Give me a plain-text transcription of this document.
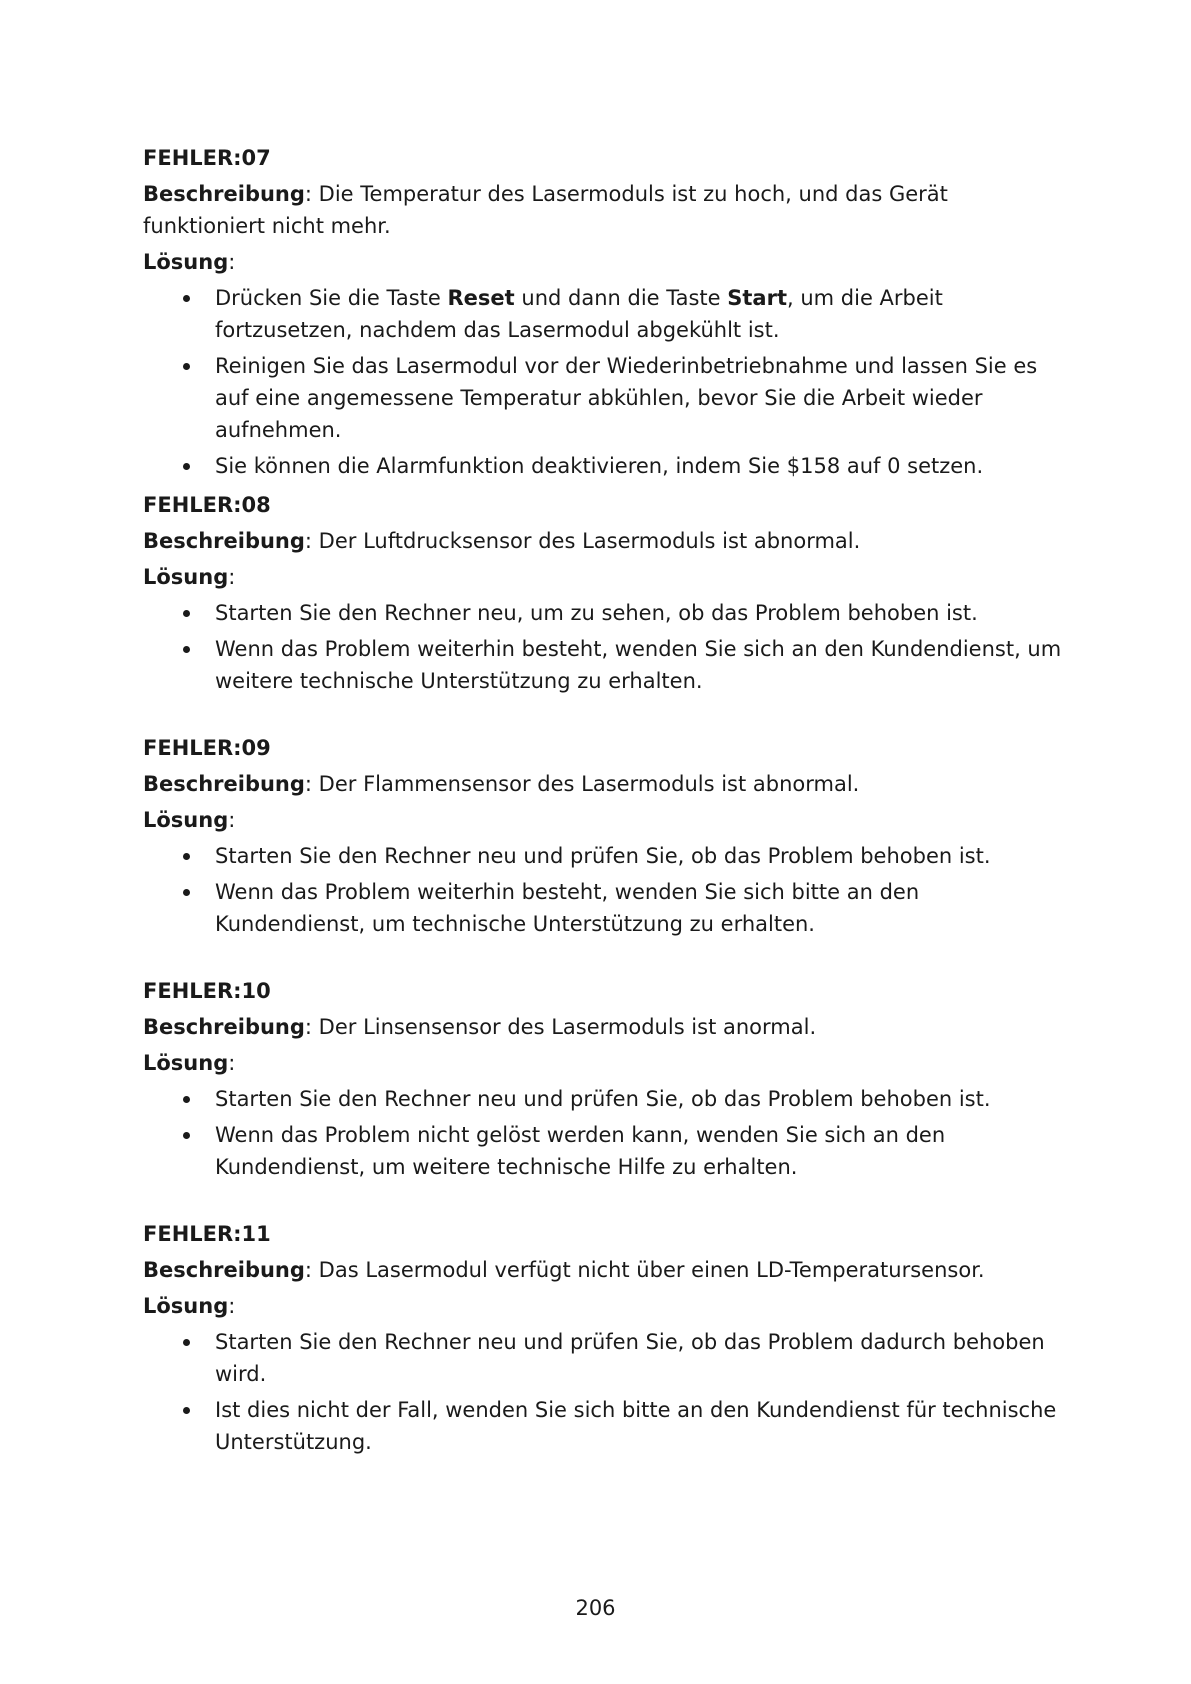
FEHLER:07

Beschreibung: Die Temperatur des Lasermoduls ist zu hoch, und das Gerät funktioniert nicht mehr.

Lösung:

Drücken Sie die Taste Reset und dann die Taste Start, um die Arbeit fortzusetzen, nachdem das Lasermodul abgekühlt ist.
Reinigen Sie das Lasermodul vor der Wiederinbetriebnahme und lassen Sie es auf eine angemessene Temperatur abkühlen, bevor Sie die Arbeit wieder aufnehmen.
Sie können die Alarmfunktion deaktivieren, indem Sie $158 auf 0 setzen.

FEHLER:08

Beschreibung: Der Luftdrucksensor des Lasermoduls ist abnormal.

Lösung:

Starten Sie den Rechner neu, um zu sehen, ob das Problem behoben ist.
Wenn das Problem weiterhin besteht, wenden Sie sich an den Kundendienst, um weitere technische Unterstützung zu erhalten.

FEHLER:09

Beschreibung: Der Flammensensor des Lasermoduls ist abnormal.

Lösung:

Starten Sie den Rechner neu und prüfen Sie, ob das Problem behoben ist.
Wenn das Problem weiterhin besteht, wenden Sie sich bitte an den Kundendienst, um technische Unterstützung zu erhalten.

FEHLER:10

Beschreibung: Der Linsensensor des Lasermoduls ist anormal.

Lösung:

Starten Sie den Rechner neu und prüfen Sie, ob das Problem behoben ist.
Wenn das Problem nicht gelöst werden kann, wenden Sie sich an den Kundendienst, um weitere technische Hilfe zu erhalten.

FEHLER:11

Beschreibung: Das Lasermodul verfügt nicht über einen LD-Temperatursensor.

Lösung:

Starten Sie den Rechner neu und prüfen Sie, ob das Problem dadurch behoben wird.
Ist dies nicht der Fall, wenden Sie sich bitte an den Kundendienst für technische Unterstützung.
206
